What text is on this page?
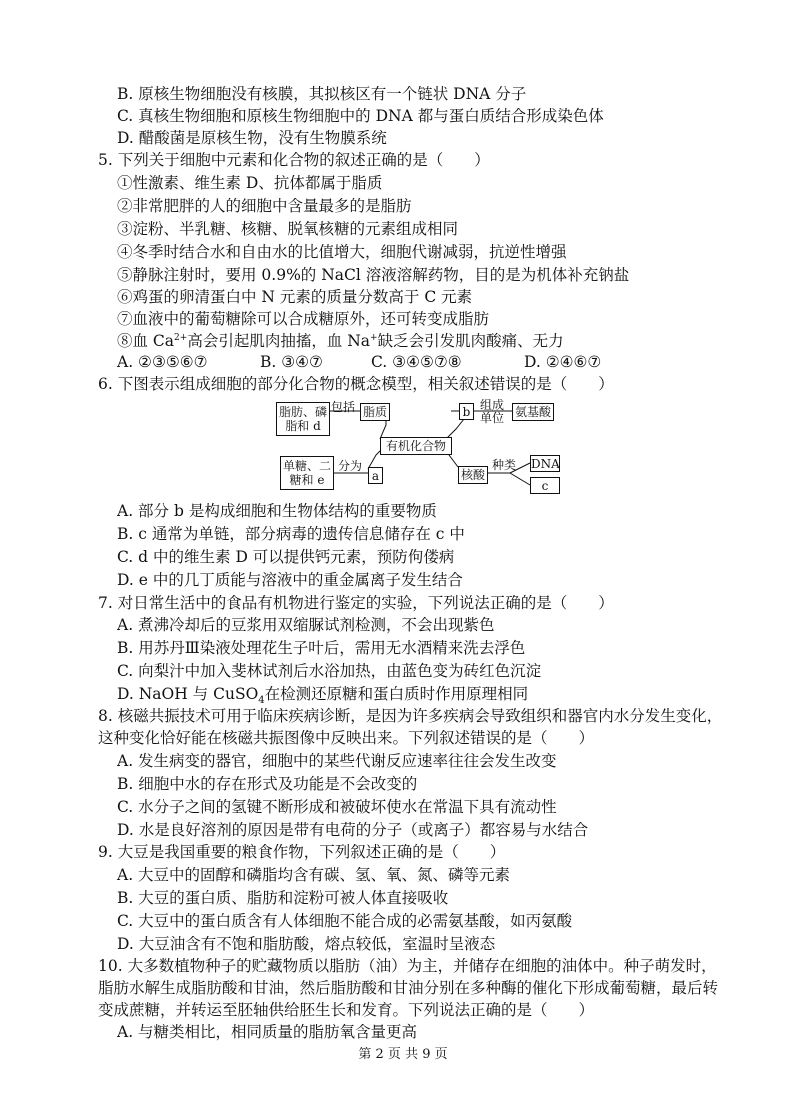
B. 原核生物细胞没有核膜，其拟核区有一个链状 DNA 分子
C. 真核生物细胞和原核生物细胞中的 DNA 都与蛋白质结合形成染色体
D. 醋酸菌是原核生物，没有生物膜系统
5. 下列关于细胞中元素和化合物的叙述正确的是（　　）
①性激素、维生素 D、抗体都属于脂质
②非常肥胖的人的细胞中含量最多的是脂肪
③淀粉、半乳糖、核糖、脱氧核糖的元素组成相同
④冬季时结合水和自由水的比值增大，细胞代谢减弱，抗逆性增强
⑤静脉注射时，要用 0.9%的 NaCl 溶液溶解药物，目的是为机体补充钠盐
⑥鸡蛋的卵清蛋白中 N 元素的质量分数高于 C 元素
⑦血液中的葡萄糖除可以合成糖原外，还可转变成脂肪
⑧血 $Ca^{2+}$高会引起肌肉抽搐，血 Na+缺乏会引发肌肉酸痛、无力
A. ②③⑤⑥⑦	B. ③④⑦	C. ③④⑤⑦⑧	D. ②④⑥⑦
6. 下图表示组成细胞的部分化合物的概念模型，相关叙述错误的是（　　）
脂肪、磷
脂和 d
包括 脂质	b 组成
单位 氨基酸
有机化合物
单糖、二
糖和 e
分为
a	核酸
种类 DNA
c
A. 部分 b 是构成细胞和生物体结构的重要物质
B. c 通常为单链，部分病毒的遗传信息储存在 c 中
C. d 中的维生素 D 可以提供钙元素，预防佝偻病
D. e 中的几丁质能与溶液中的重金属离子发生结合
7. 对日常生活中的食品有机物进行鉴定的实验，下列说法正确的是（　　）
A. 煮沸冷却后的豆浆用双缩脲试剂检测，不会出现紫色
B. 用苏丹Ⅲ染液处理花生子叶后，需用无水酒精来洗去浮色
C. 向梨汁中加入斐林试剂后水浴加热，由蓝色变为砖红色沉淀
D. NaOH 与 CuSO$_4$在检测还原糖和蛋白质时作用原理相同
8. 核磁共振技术可用于临床疾病诊断，是因为许多疾病会导致组织和器官内水分发生变化，
这种变化恰好能在核磁共振图像中反映出来。下列叙述错误的是（　　）
A. 发生病变的器官，细胞中的某些代谢反应速率往往会发生改变
B. 细胞中水的存在形式及功能是不会改变的
C. 水分子之间的氢键不断形成和被破坏使水在常温下具有流动性
D. 水是良好溶剂的原因是带有电荷的分子（或离子）都容易与水结合
9. 大豆是我国重要的粮食作物，下列叙述正确的是（　　）
A. 大豆中的固醇和磷脂均含有碳、氢、氧、氮、磷等元素
B. 大豆的蛋白质、脂肪和淀粉可被人体直接吸收
C. 大豆中的蛋白质含有人体细胞不能合成的必需氨基酸，如丙氨酸
D. 大豆油含有不饱和脂肪酸，熔点较低，室温时呈液态
10. 大多数植物种子的贮藏物质以脂肪（油）为主，并储存在细胞的油体中。种子萌发时，
脂肪水解生成脂肪酸和甘油，然后脂肪酸和甘油分别在多种酶的催化下形成葡萄糖，最后转
变成蔗糖，并转运至胚轴供给胚生长和发育。下列说法正确的是（　　）
A. 与糖类相比，相同质量的脂肪氧含量更高
第 2 页 共 9 页
